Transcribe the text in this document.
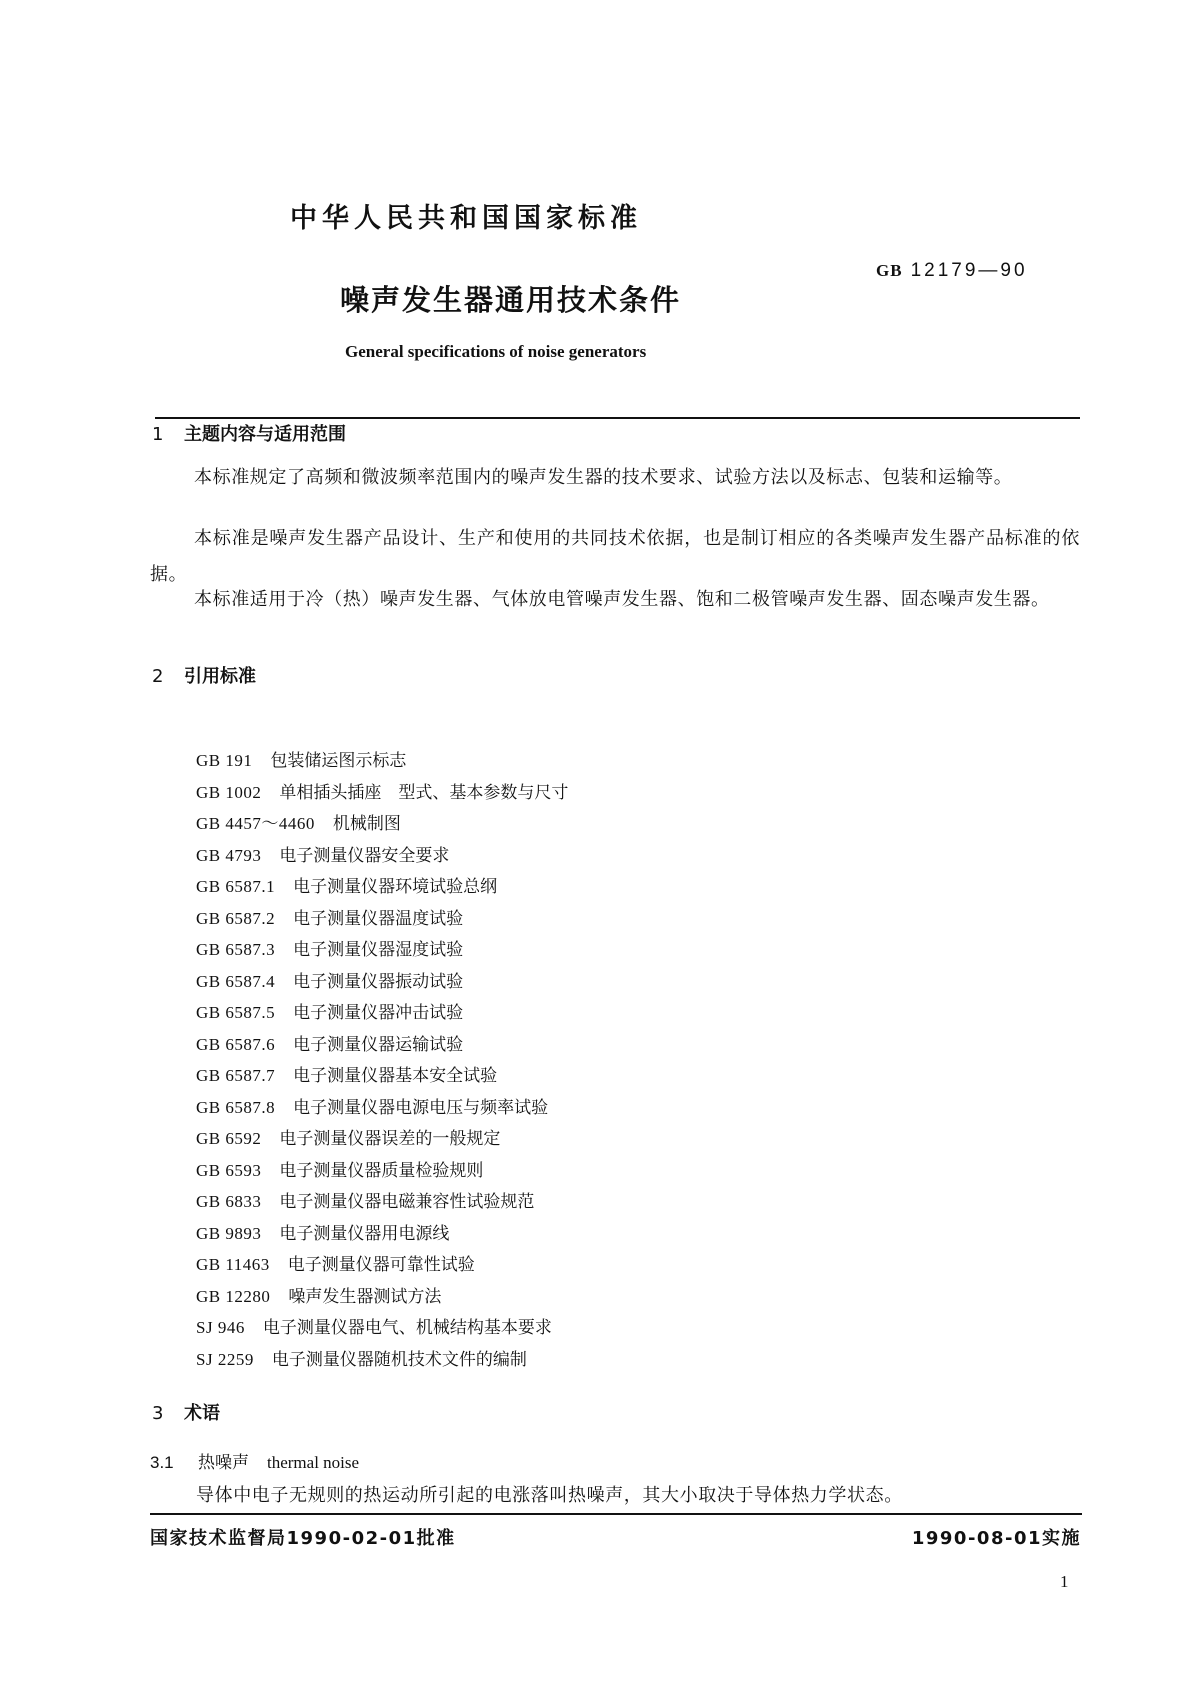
中华人民共和国国家标准
GB 12179—90
噪声发生器通用技术条件
General specifications of noise generators
1 主题内容与适用范围
本标准规定了高频和微波频率范围内的噪声发生器的技术要求、试验方法以及标志、包装和运输等。
本标准是噪声发生器产品设计、生产和使用的共同技术依据，也是制订相应的各类噪声发生器产品标准的依据。
本标准适用于冷（热）噪声发生器、气体放电管噪声发生器、饱和二极管噪声发生器、固态噪声发生器。
2 引用标准
GB 191 包装储运图示标志
GB 1002 单相插头插座　型式、基本参数与尺寸
GB 4457～4460 机械制图
GB 4793 电子测量仪器安全要求
GB 6587.1 电子测量仪器环境试验总纲
GB 6587.2 电子测量仪器温度试验
GB 6587.3 电子测量仪器湿度试验
GB 6587.4 电子测量仪器振动试验
GB 6587.5 电子测量仪器冲击试验
GB 6587.6 电子测量仪器运输试验
GB 6587.7 电子测量仪器基本安全试验
GB 6587.8 电子测量仪器电源电压与频率试验
GB 6592 电子测量仪器误差的一般规定
GB 6593 电子测量仪器质量检验规则
GB 6833 电子测量仪器电磁兼容性试验规范
GB 9893 电子测量仪器用电源线
GB 11463 电子测量仪器可靠性试验
GB 12280 噪声发生器测试方法
SJ 946 电子测量仪器电气、机械结构基本要求
SJ 2259 电子测量仪器随机技术文件的编制
3 术语
3.1 热噪声 thermal noise
导体中电子无规则的热运动所引起的电涨落叫热噪声，其大小取决于导体热力学状态。
国家技术监督局1990-02-01批准	1990-08-01实施
1
